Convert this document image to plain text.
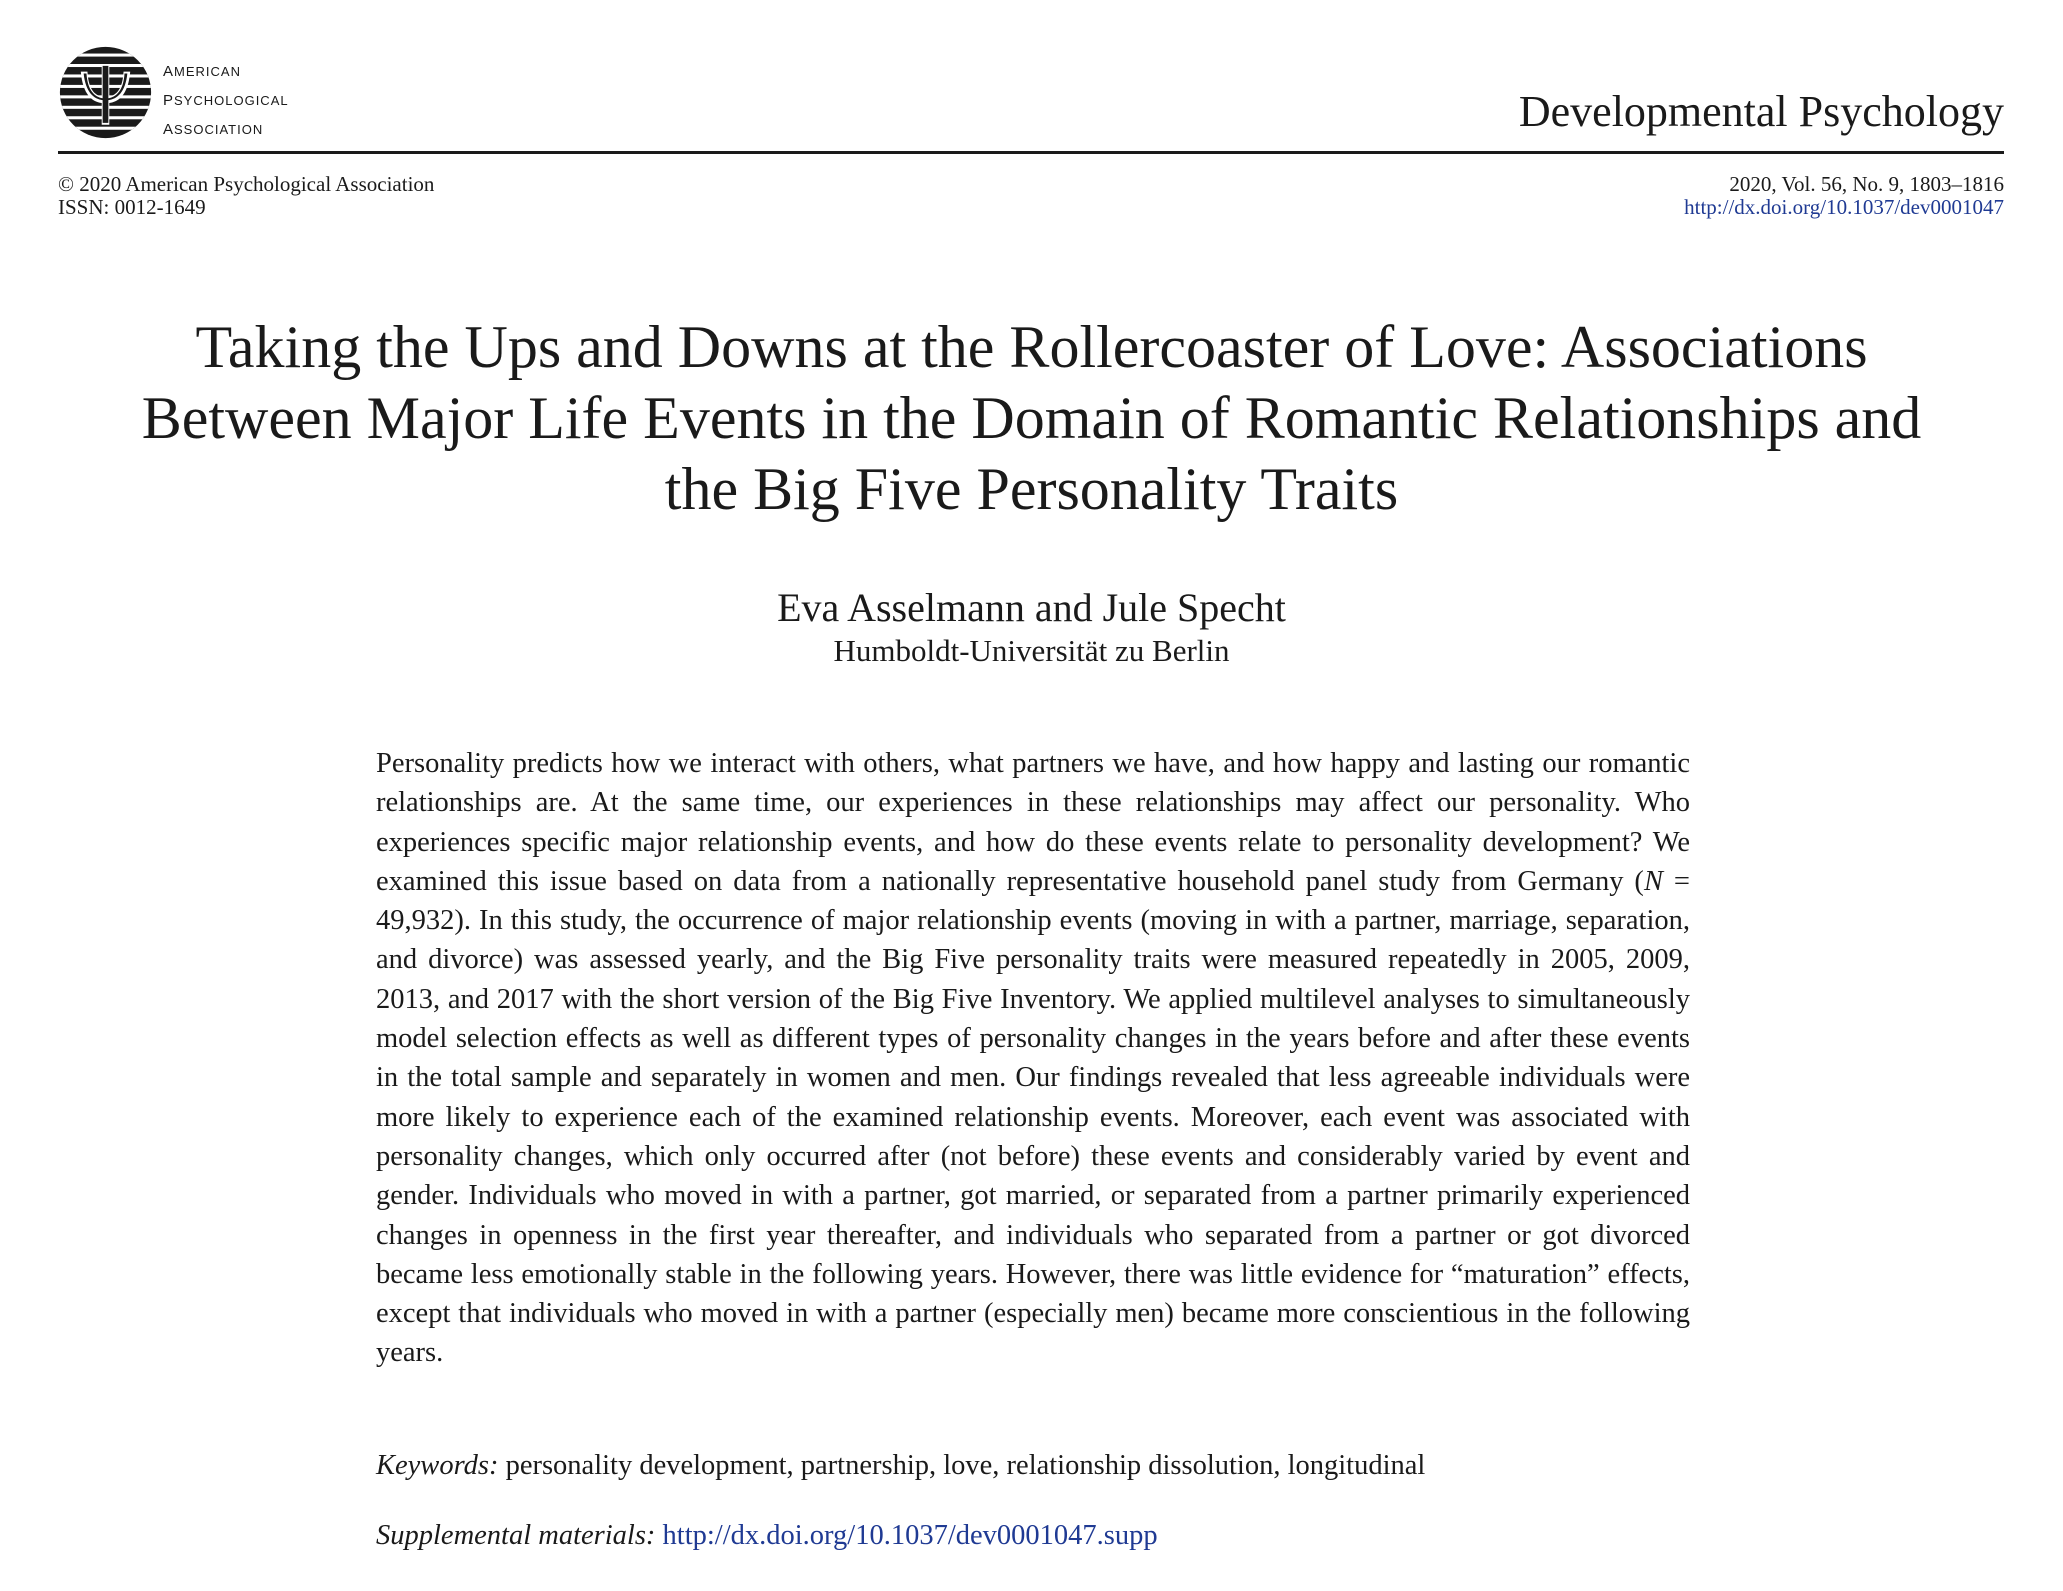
american
psychological
association	Developmental Psychology
© 2020 American Psychological Association
ISSN: 0012-1649
2020, Vol. 56, No. 9, 1803–1816
http://dx.doi.org/10.1037/dev0001047
Taking the Ups and Downs at the Rollercoaster of Love: Associations
Between Major Life Events in the Domain of Romantic Relationships and
the Big Five Personality Traits
Eva Asselmann and Jule Specht
Humboldt-Universität zu Berlin
Personality predicts how we interact with others, what partners we have, and how happy and lasting our romantic relationships are. At the same time, our experiences in these relationships may affect our personality. Who experiences specific major relationship events, and how do these events relate to personality development? We examined this issue based on data from a nationally representative household panel study from Germany (N = 49,932). In this study, the occurrence of major relationship events (moving in with a partner, marriage, separation, and divorce) was assessed yearly, and the Big Five personality traits were measured repeatedly in 2005, 2009, 2013, and 2017 with the short version of the Big Five Inventory. We applied multilevel analyses to simultaneously model selection effects as well as different types of personality changes in the years before and after these events in the total sample and separately in women and men. Our findings revealed that less agreeable individuals were more likely to experience each of the examined relationship events. Moreover, each event was associated with personality changes, which only occurred after (not before) these events and considerably varied by event and gender. Individuals who moved in with a partner, got married, or separated from a partner primarily experienced changes in openness in the first year thereafter, and individuals who separated from a partner or got divorced became less emotionally stable in the following years. However, there was little evidence for “maturation” effects, except that individuals who moved in with a partner (especially men) became more conscientious in the following years.
Keywords: personality development, partnership, love, relationship dissolution, longitudinal
Supplemental materials: http://dx.doi.org/10.1037/dev0001047.supp
